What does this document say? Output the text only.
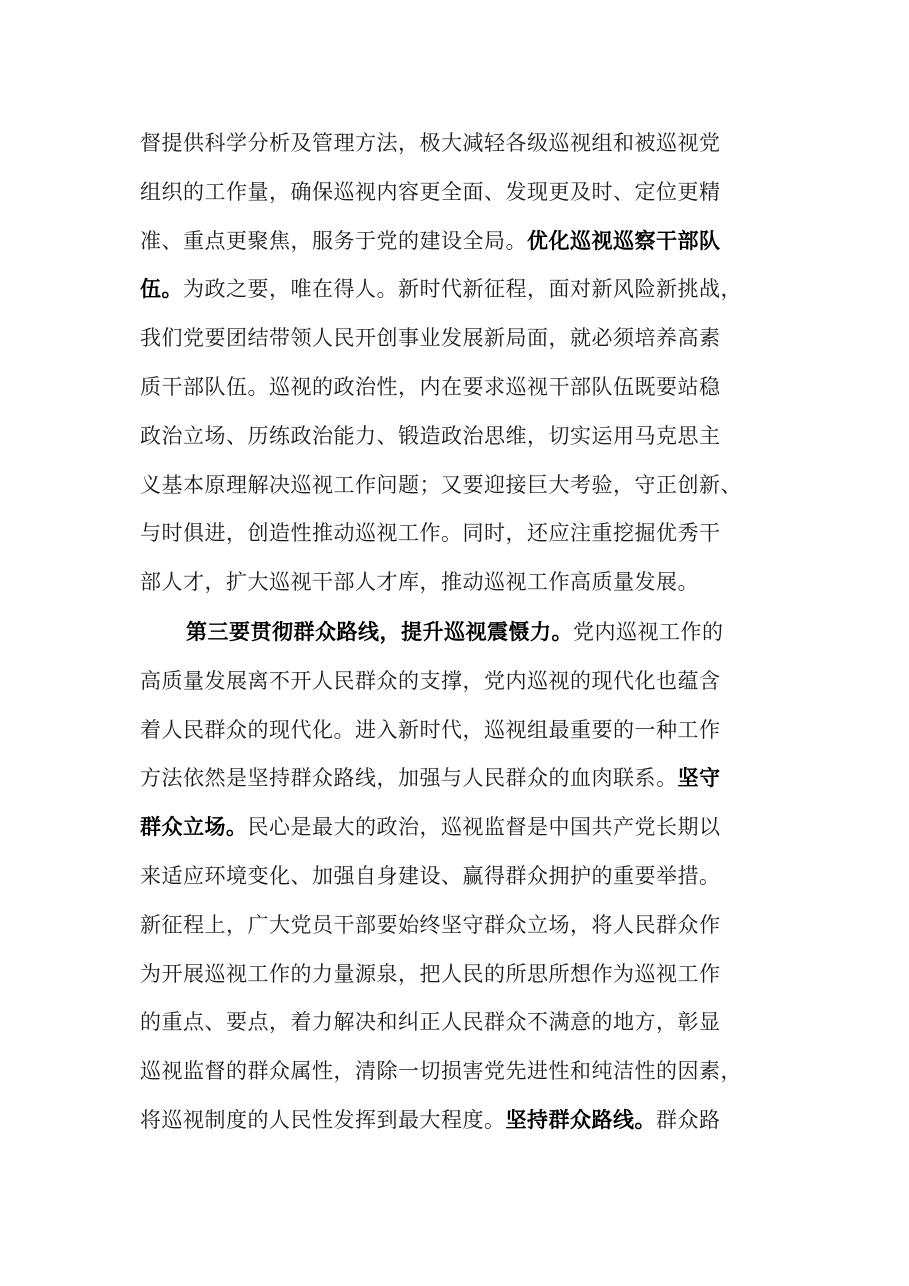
督提供科学分析及管理方法，极大减轻各级巡视组和被巡视党
组织的工作量，确保巡视内容更全面、发现更及时、定位更精
准、重点更聚焦，服务于党的建设全局。优化巡视巡察干部队
伍。为政之要，唯在得人。新时代新征程，面对新风险新挑战，
我们党要团结带领人民开创事业发展新局面，就必须培养高素
质干部队伍。巡视的政治性，内在要求巡视干部队伍既要站稳
政治立场、历练政治能力、锻造政治思维，切实运用马克思主
义基本原理解决巡视工作问题；又要迎接巨大考验，守正创新、
与时俱进，创造性推动巡视工作。同时，还应注重挖掘优秀干
部人才，扩大巡视干部人才库，推动巡视工作高质量发展。
第三要贯彻群众路线，提升巡视震慑力。党内巡视工作的
高质量发展离不开人民群众的支撑，党内巡视的现代化也蕴含
着人民群众的现代化。进入新时代，巡视组最重要的一种工作
方法依然是坚持群众路线，加强与人民群众的血肉联系。坚守
群众立场。民心是最大的政治，巡视监督是中国共产党长期以
来适应环境变化、加强自身建设、赢得群众拥护的重要举措。
新征程上，广大党员干部要始终坚守群众立场，将人民群众作
为开展巡视工作的力量源泉，把人民的所思所想作为巡视工作
的重点、要点，着力解决和纠正人民群众不满意的地方，彰显
巡视监督的群众属性，清除一切损害党先进性和纯洁性的因素，
将巡视制度的人民性发挥到最大程度。坚持群众路线。群众路
